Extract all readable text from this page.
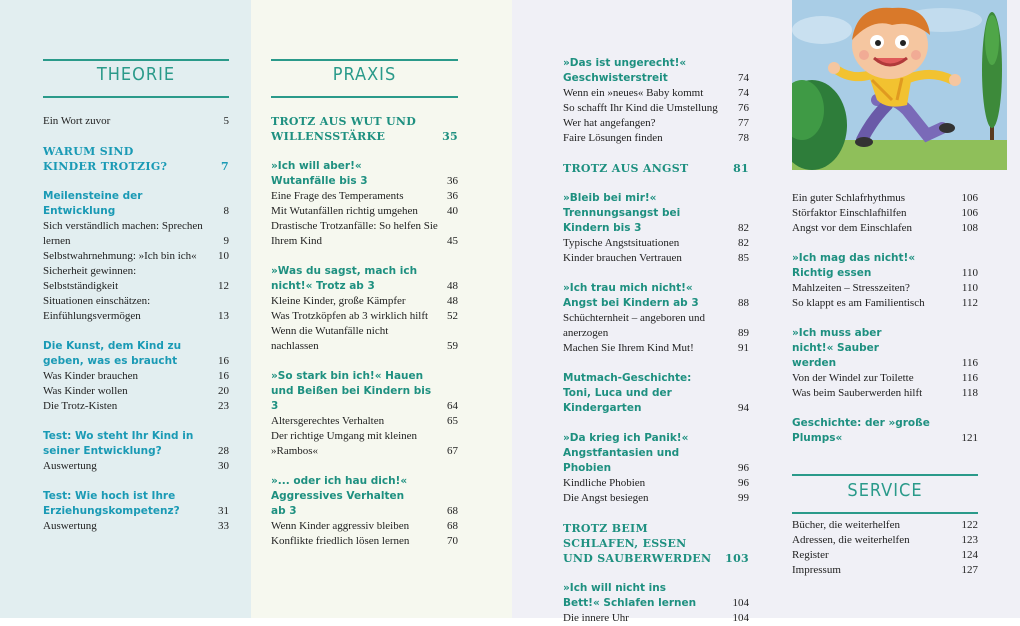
THEORIE
Ein Wort zuvor	5
WARUM SIND KINDER TROTZIG?	7
Meilensteine der Entwicklung	8
Sich verständlich machen: Sprechen lernen	9
Selbstwahrnehmung: »Ich bin ich«	10
Sicherheit gewinnen: Selbstständigkeit	12
Situationen einschätzen: Einfühlungsvermögen	13
Die Kunst, dem Kind zu geben, was es braucht	16
Was Kinder brauchen	16
Was Kinder wollen	20
Die Trotz-Kisten	23
Test: Wo steht Ihr Kind in seiner Entwicklung?	28
Auswertung	30
Test: Wie hoch ist Ihre Erziehungskompetenz?	31
Auswertung	33
PRAXIS
TROTZ AUS WUT UND WILLENSSTÄRKE	35
»Ich will aber!« Wutanfälle bis 3	36
Eine Frage des Temperaments	36
Mit Wutanfällen richtig umgehen	40
Drastische Trotzanfälle: So helfen Sie Ihrem Kind	45
»Was du sagst, mach ich nicht!« Trotz ab 3	48
Kleine Kinder, große Kämpfer	48
Was Trotzköpfen ab 3 wirklich hilft	52
Wenn die Wutanfälle nicht nachlassen	59
»So stark bin ich!« Hauen und Beißen bei Kindern bis 3	64
Altersgerechtes Verhalten	65
Der richtige Umgang mit kleinen »Rambos«	67
»... oder ich hau dich!« Aggressives Verhalten ab 3	68
Wenn Kinder aggressiv bleiben	68
Konflikte friedlich lösen lernen	70
»Das ist ungerecht!« Geschwisterstreit	74
Wenn ein »neues« Baby kommt	74
So schafft Ihr Kind die Umstellung	76
Wer hat angefangen?	77
Faire Lösungen finden	78
TROTZ AUS ANGST	81
»Bleib bei mir!« Trennungsangst bei Kindern bis 3	82
Typische Angstsituationen	82
Kinder brauchen Vertrauen	85
»Ich trau mich nicht!« Angst bei Kindern ab 3	88
Schüchternheit – angeboren und anerzogen	89
Machen Sie Ihrem Kind Mut!	91
Mutmach-Geschichte: Toni, Luca und der Kindergarten	94
»Da krieg ich Panik!« Angstfantasien und Phobien	96
Kindliche Phobien	96
Die Angst besiegen	99
TROTZ BEIM SCHLAFEN, ESSEN UND SAUBERWERDEN	103
»Ich will nicht ins Bett!« Schlafen lernen	104
Die innere Uhr	104
Ein guter Schlafrhythmus	106
Störfaktor Einschlafhilfen	106
Angst vor dem Einschlafen	108
»Ich mag das nicht!« Richtig essen	110
Mahlzeiten – Stresszeiten?	110
So klappt es am Familientisch	112
»Ich muss aber nicht!« Sauber werden	116
Von der Windel zur Toilette	116
Was beim Sauberwerden hilft	118
Geschichte: der »große Plumps«	121
SERVICE
Bücher, die weiterhelfen	122
Adressen, die weiterhelfen	123
Register	124
Impressum	127
